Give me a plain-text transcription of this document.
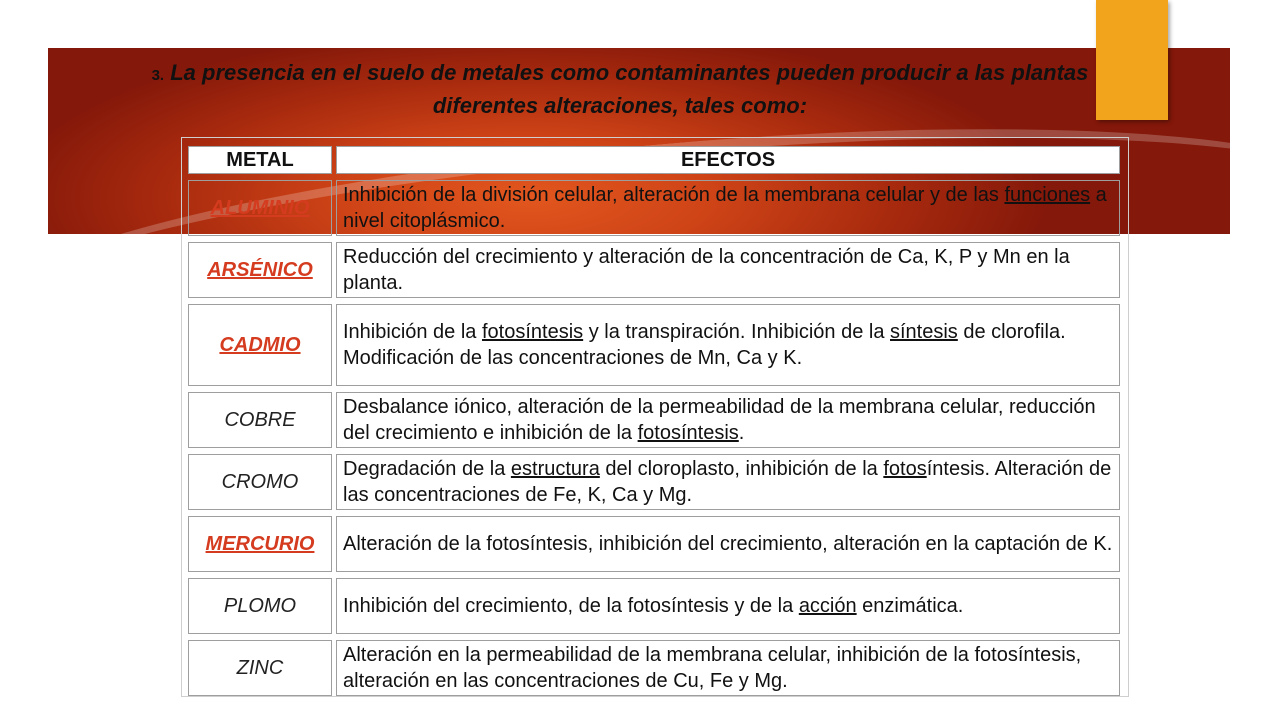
3. La presencia en el suelo de metales como contaminantes pueden producir a las plantas diferentes alteraciones, tales como:
METAL	EFECTOS
ALUMINIO	Inhibición de la división celular, alteración de la membrana celular y de las funciones a nivel citoplásmico.
ARSÉNICO	Reducción del crecimiento y alteración de la concentración de Ca, K, P y Mn en la planta.
CADMIO	Inhibición de la fotosíntesis y la transpiración. Inhibición de la síntesis de clorofila. Modificación de las concentraciones de Mn, Ca y K.
COBRE	Desbalance iónico, alteración de la permeabilidad de la membrana celular, reducción del crecimiento e inhibición de la fotosíntesis.
CROMO	Degradación de la estructura del cloroplasto, inhibición de la fotosíntesis. Alteración de las concentraciones de Fe, K, Ca y Mg.
MERCURIO	Alteración de la fotosíntesis, inhibición del crecimiento, alteración en la captación de K.
PLOMO	Inhibición del crecimiento, de la fotosíntesis y de la acción enzimática.
ZINC	Alteración en la permeabilidad de la membrana celular, inhibición de la fotosíntesis, alteración en las concentraciones de Cu, Fe y Mg.
